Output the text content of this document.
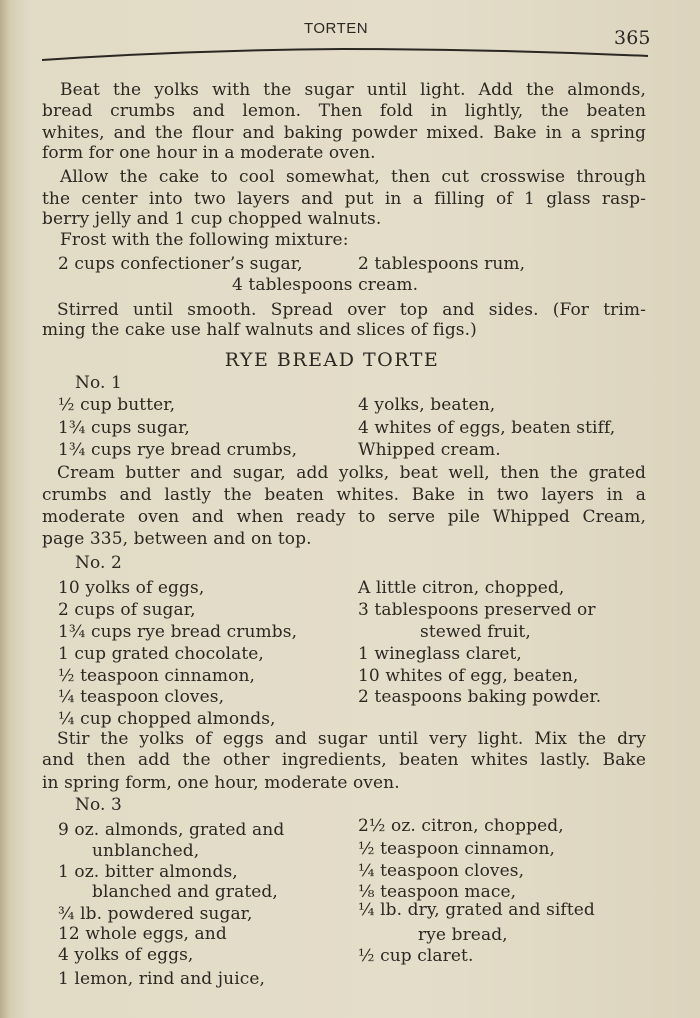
TORTEN	365
Beat the yolks with the sugar until light. Add the almonds,
bread crumbs and lemon. Then fold in lightly, the beaten
whites, and the flour and baking powder mixed. Bake in a spring
form for one hour in a moderate oven.
Allow the cake to cool somewhat, then cut crosswise through
the center into two layers and put in a filling of 1 glass rasp-
berry jelly and 1 cup chopped walnuts.
Frost with the following mixture:
2 cups confectioner’s sugar,	2 tablespoons rum,
4 tablespoons cream.
Stirred until smooth. Spread over top and sides. (For trim-
ming the cake use half walnuts and slices of figs.)
RYE BREAD TORTE
No. 1
½ cup butter,
1¾ cups sugar,
1¾ cups rye bread crumbs,
4 yolks, beaten,
4 whites of eggs, beaten stiff,
Whipped cream.
Cream butter and sugar, add yolks, beat well, then the grated
crumbs and lastly the beaten whites. Bake in two layers in a
moderate oven and when ready to serve pile Whipped Cream,
page 335, between and on top.
No. 2
10 yolks of eggs,
2 cups of sugar,
1¾ cups rye bread crumbs,
1 cup grated chocolate,
½ teaspoon cinnamon,
¼ teaspoon cloves,
¼ cup chopped almonds,
A little citron, chopped,
3 tablespoons preserved or
stewed fruit,
1 wineglass claret,
10 whites of egg, beaten,
2 teaspoons baking powder.
Stir the yolks of eggs and sugar until very light. Mix the dry
and then add the other ingredients, beaten whites lastly. Bake
in spring form, one hour, moderate oven.
No. 3
9 oz. almonds, grated and
unblanched,
1 oz. bitter almonds,
blanched and grated,
¾ lb. powdered sugar,
12 whole eggs, and
4 yolks of eggs,
1 lemon, rind and juice,
2½ oz. citron, chopped,
½ teaspoon cinnamon,
¼ teaspoon cloves,
⅛ teaspoon mace,
¼ lb. dry, grated and sifted
rye bread,
½ cup claret.
